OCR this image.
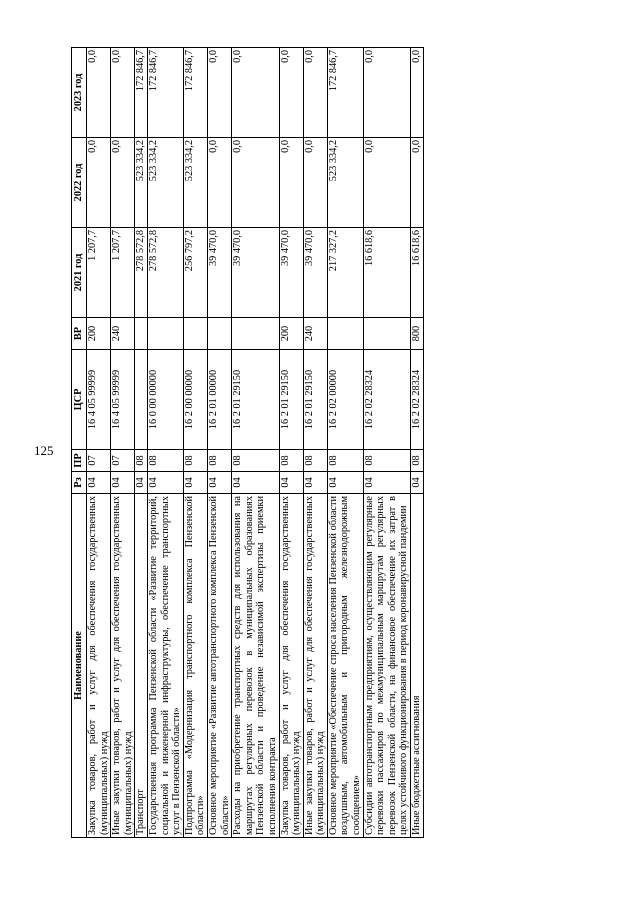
125
Наименование	Рз	ПР	ЦСР	ВР	2021 год	2022 год	2023 год
Закупка товаров, работ и услуг для обеспечения государственных (муниципальных) нужд	04	07	16 4 05 99999	200	1 207,7	0,0	0,0
Иные закупки товаров, работ и услуг для обеспечения государственных (муниципальных) нужд	04	07	16 4 05 99999	240	1 207,7	0,0	0,0
Транспорт	04	08			278 572,8	523 334,2	172 846,7
Государственная программа Пензенской области «Развитие территорий, социальной и инженерной инфраструктуры, обеспечение транспортных услуг в Пензенской области»	04	08	16 0 00 00000		278 572,8	523 334,2	172 846,7
Подпрограмма «Модернизация транспортного комплекса Пензенской области»	04	08	16 2 00 00000		256 797,2	523 334,2	172 846,7
Основное мероприятие «Развитие автотранспортного комплекса Пензенской области»	04	08	16 2 01 00000		39 470,0	0,0	0,0
Расходы на приобретение транспортных средств для использования на маршрутах регулярных перевозок в муниципальных образованиях Пензенской области и проведение независимой экспертизы приемки исполнения контракта	04	08	16 2 01 29150		39 470,0	0,0	0,0
Закупка товаров, работ и услуг для обеспечения государственных (муниципальных) нужд	04	08	16 2 01 29150	200	39 470,0	0,0	0,0
Иные закупки товаров, работ и услуг для обеспечения государственных (муниципальных) нужд	04	08	16 2 01 29150	240	39 470,0	0,0	0,0
Основное мероприятие «Обеспечение спроса населения Пензенской области воздушным, автомобильным и пригородным железнодорожным сообщением»	04	08	16 2 02 00000		217 327,2	523 334,2	172 846,7
Субсидии автотранспортным предприятиям, осуществляющим регулярные перевозки пассажиров по межмуниципальным маршрутам регулярных перевозок Пензенской области, на финансовое обеспечение их затрат в целях устойчивого функционирования в период коронавирусной пандемии	04	08	16 2 02 28324		16 618,6	0,0	0,0
Иные бюджетные ассигнования	04	08	16 2 02 28324	800	16 618,6	0,0	0,0
